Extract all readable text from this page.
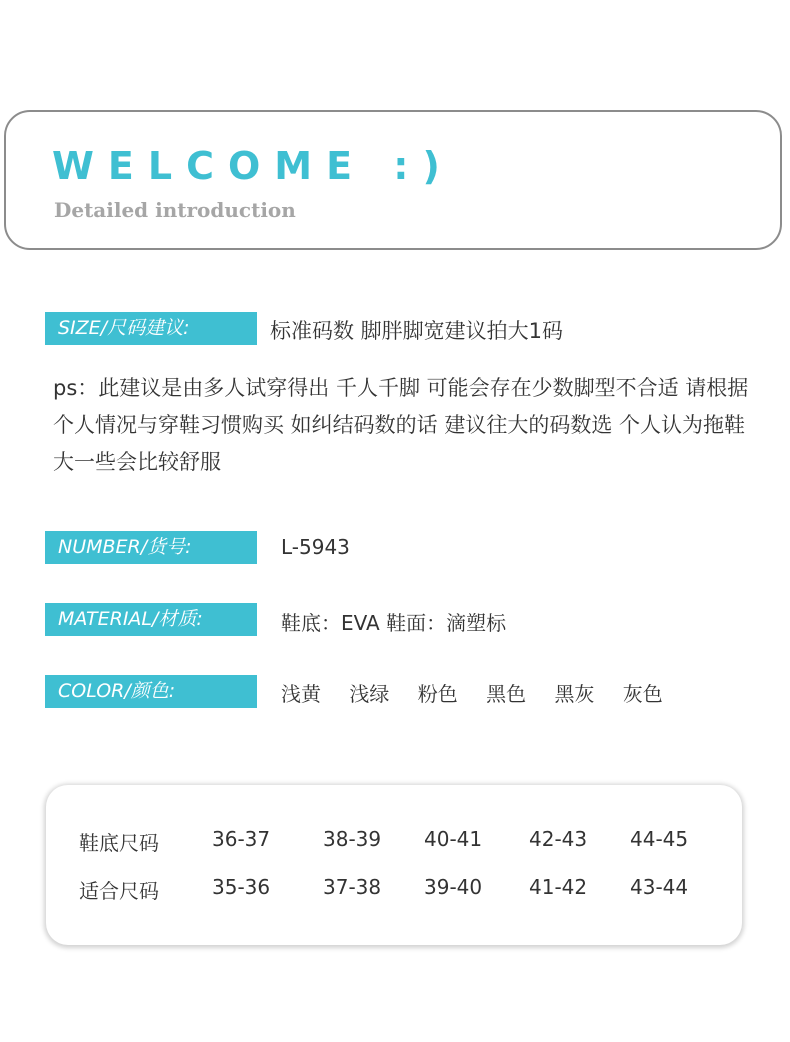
WELCOME :)
Detailed introduction
SIZE/尺码建议:	标准码数 脚胖脚宽建议拍大1码
ps：此建议是由多人试穿得出 千人千脚 可能会存在少数脚型不合适 请根据个人情况与穿鞋习惯购买 如纠结码数的话 建议往大的码数选 个人认为拖鞋大一些会比较舒服
NUMBER/货号:	L-5943
MATERIAL/材质:	鞋底：EVA 鞋面：滴塑标
COLOR/颜色:	浅黄 浅绿 粉色 黑色 黑灰 灰色
鞋底尺码	36-37	38-39 40-41 42-43 44-45
适合尺码	35-36	37-38 39-40 41-42 43-44
